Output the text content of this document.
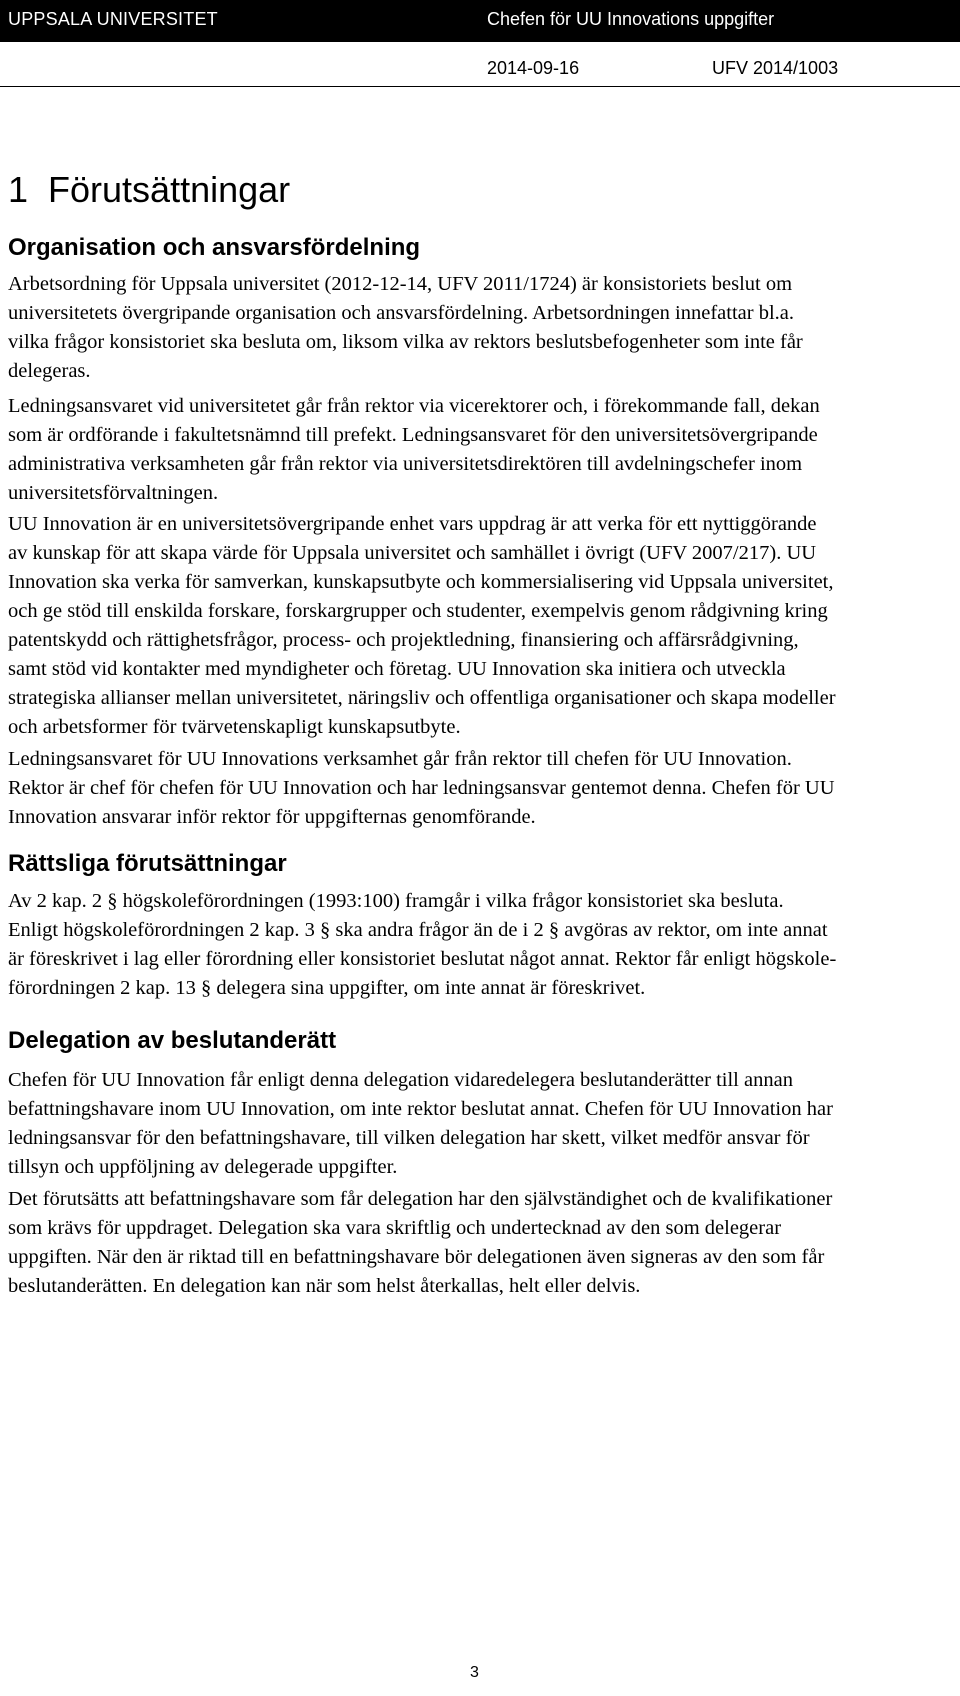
UPPSALA UNIVERSITET	Chefen för UU Innovations uppgifter
2014-09-16	UFV 2014/1003
1  Förutsättningar
Organisation och ansvarsfördelning

Arbetsordning för Uppsala universitet (2012-12-14, UFV 2011/1724) är konsistoriets beslut om
universitetets övergripande organisation och ansvarsfördelning. Arbetsordningen innefattar bl.a.
vilka frågor konsistoriet ska besluta om, liksom vilka av rektors beslutsbefogenheter som inte får
delegeras.

Ledningsansvaret vid universitetet går från rektor via vicerektorer och, i förekommande fall, dekan
som är ordförande i fakultetsnämnd till prefekt. Ledningsansvaret för den universitetsövergripande
administrativa verksamheten går från rektor via universitetsdirektören till avdelningschefer inom
universitetsförvaltningen.

UU Innovation är en universitetsövergripande enhet vars uppdrag är att verka för ett nyttiggörande
av kunskap för att skapa värde för Uppsala universitet och samhället i övrigt (UFV 2007/217). UU
Innovation ska verka för samverkan, kunskapsutbyte och kommersialisering vid Uppsala universitet,
och ge stöd till enskilda forskare, forskargrupper och studenter, exempelvis genom rådgivning kring
patentskydd och rättighetsfrågor, process- och projektledning, finansiering och affärsrådgivning,
samt stöd vid kontakter med myndigheter och företag. UU Innovation ska initiera och utveckla
strategiska allianser mellan universitetet, näringsliv och offentliga organisationer och skapa modeller
och arbetsformer för tvärvetenskapligt kunskapsutbyte.

Ledningsansvaret för UU Innovations verksamhet går från rektor till chefen för UU Innovation.
Rektor är chef för chefen för UU Innovation och har ledningsansvar gentemot denna. Chefen för UU
Innovation ansvarar inför rektor för uppgifternas genomförande.

Rättsliga förutsättningar

Av 2 kap. 2 § högskoleförordningen (1993:100) framgår i vilka frågor konsistoriet ska besluta.
Enligt högskoleförordningen 2 kap. 3 § ska andra frågor än de i 2 § avgöras av rektor, om inte annat
är föreskrivet i lag eller förordning eller konsistoriet beslutat något annat. Rektor får enligt högskole-
förordningen 2 kap. 13 § delegera sina uppgifter, om inte annat är föreskrivet.

Delegation av beslutanderätt

Chefen för UU Innovation får enligt denna delegation vidaredelegera beslutanderätter till annan
befattningshavare inom UU Innovation, om inte rektor beslutat annat. Chefen för UU Innovation har
ledningsansvar för den befattningshavare, till vilken delegation har skett, vilket medför ansvar för
tillsyn och uppföljning av delegerade uppgifter.

Det förutsätts att befattningshavare som får delegation har den självständighet och de kvalifikationer
som krävs för uppdraget. Delegation ska vara skriftlig och undertecknad av den som delegerar
uppgiften. När den är riktad till en befattningshavare bör delegationen även signeras av den som får
beslutanderätten. En delegation kan när som helst återkallas, helt eller delvis.

3
